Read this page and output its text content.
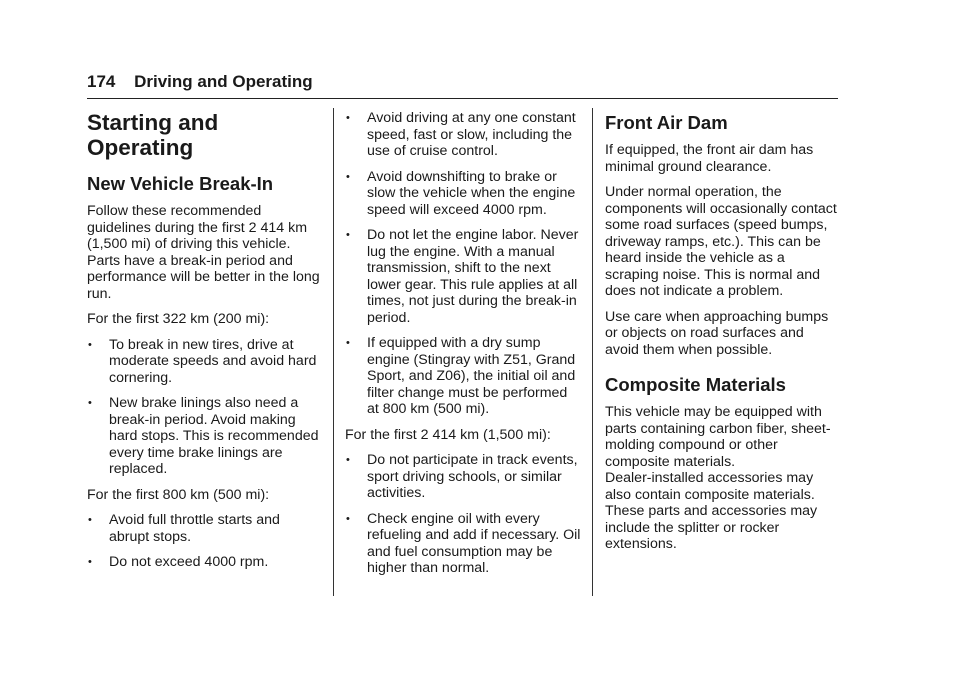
174 Driving and Operating
Starting and
Operating
New Vehicle Break-In

Follow these recommended guidelines during the first 2 414 km (1,500 mi) of driving this vehicle. Parts have a break-in period and performance will be better in the long run.

For the first 322 km (200 mi):

• To break in new tires, drive at moderate speeds and avoid hard cornering.
• New brake linings also need a break-in period. Avoid making hard stops. This is recommended every time brake linings are replaced.

For the first 800 km (500 mi):

• Avoid full throttle starts and abrupt stops.
• Do not exceed 4000 rpm.
• Avoid driving at any one constant speed, fast or slow, including the use of cruise control.
• Avoid downshifting to brake or slow the vehicle when the engine speed will exceed 4000 rpm.
• Do not let the engine labor. Never lug the engine. With a manual transmission, shift to the next lower gear. This rule applies at all times, not just during the break-in period.
• If equipped with a dry sump engine (Stingray with Z51, Grand Sport, and Z06), the initial oil and filter change must be performed at 800 km (500 mi).

For the first 2 414 km (1,500 mi):

• Do not participate in track events, sport driving schools, or similar activities.
• Check engine oil with every refueling and add if necessary. Oil and fuel consumption may be higher than normal.
Front Air Dam

If equipped, the front air dam has minimal ground clearance.

Under normal operation, the components will occasionally contact some road surfaces (speed bumps, driveway ramps, etc.). This can be heard inside the vehicle as a scraping noise. This is normal and does not indicate a problem.

Use care when approaching bumps or objects on road surfaces and avoid them when possible.

Composite Materials

This vehicle may be equipped with parts containing carbon fiber, sheet-molding compound or other composite materials.

Dealer-installed accessories may also contain composite materials. These parts and accessories may include the splitter or rocker extensions.
